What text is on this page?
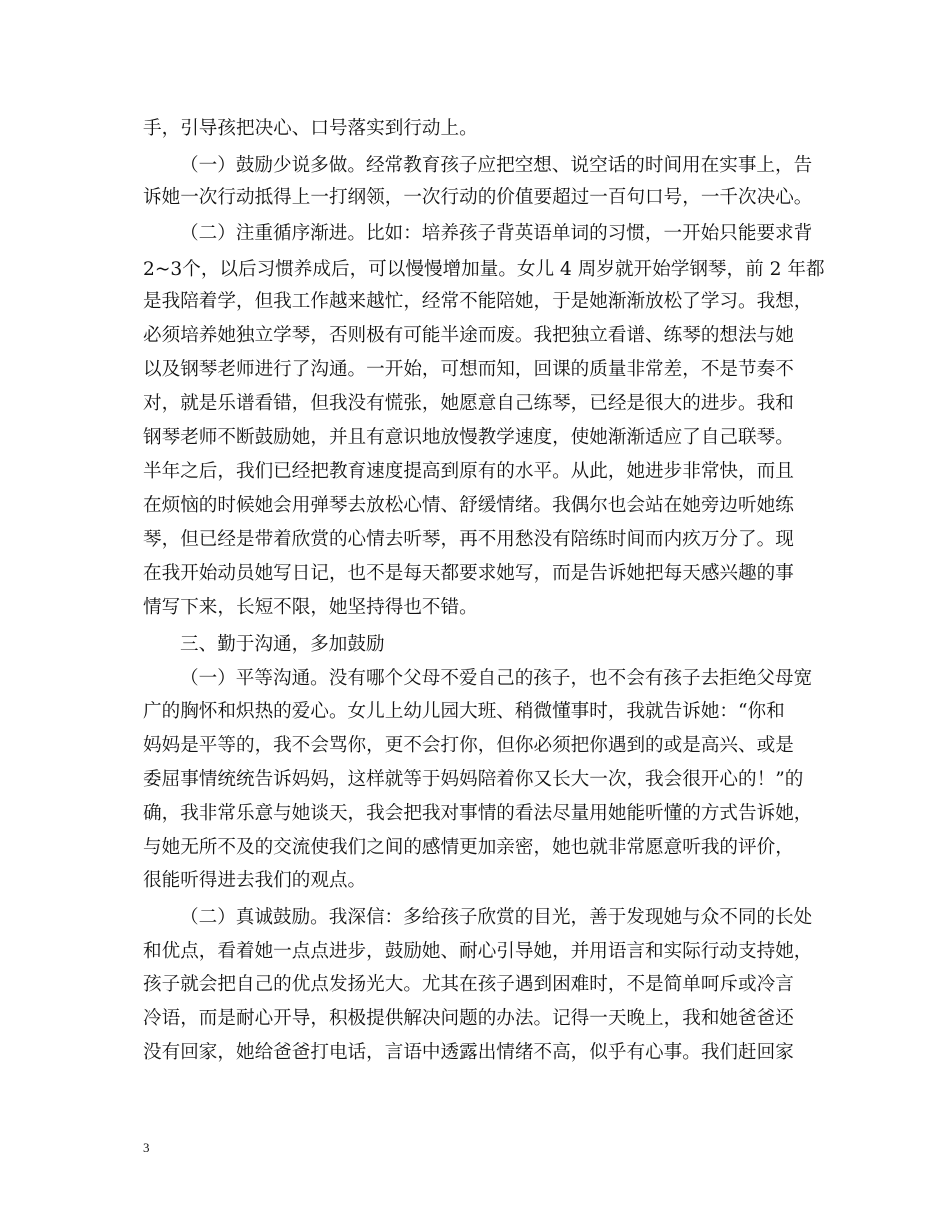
手，引导孩把决心、口号落实到行动上。
（一）鼓励少说多做。经常教育孩子应把空想、说空话的时间用在实事上，告
诉她一次行动抵得上一打纲领，一次行动的价值要超过一百句口号，一千次决心。
（二）注重循序渐进。比如：培养孩子背英语单词的习惯，一开始只能要求背
2~3个，以后习惯养成后，可以慢慢增加量。女儿 4 周岁就开始学钢琴，前 2 年都
是我陪着学，但我工作越来越忙，经常不能陪她，于是她渐渐放松了学习。我想，
必须培养她独立学琴，否则极有可能半途而废。我把独立看谱、练琴的想法与她
以及钢琴老师进行了沟通。一开始，可想而知，回课的质量非常差，不是节奏不
对，就是乐谱看错，但我没有慌张，她愿意自己练琴，已经是很大的进步。我和
钢琴老师不断鼓励她，并且有意识地放慢教学速度，使她渐渐适应了自己联琴。
半年之后，我们已经把教育速度提高到原有的水平。从此，她进步非常快，而且
在烦恼的时候她会用弹琴去放松心情、舒缓情绪。我偶尔也会站在她旁边听她练
琴，但已经是带着欣赏的心情去听琴，再不用愁没有陪练时间而内疚万分了。现
在我开始动员她写日记，也不是每天都要求她写，而是告诉她把每天感兴趣的事
情写下来，长短不限，她坚持得也不错。
三、勤于沟通，多加鼓励
（一）平等沟通。没有哪个父母不爱自己的孩子，也不会有孩子去拒绝父母宽
广的胸怀和炽热的爱心。女儿上幼儿园大班、稍微懂事时，我就告诉她：“你和
妈妈是平等的，我不会骂你，更不会打你，但你必须把你遇到的或是高兴、或是
委屈事情统统告诉妈妈，这样就等于妈妈陪着你又长大一次，我会很开心的！”的
确，我非常乐意与她谈天，我会把我对事情的看法尽量用她能听懂的方式告诉她，
与她无所不及的交流使我们之间的感情更加亲密，她也就非常愿意听我的评价，
很能听得进去我们的观点。
（二）真诚鼓励。我深信：多给孩子欣赏的目光，善于发现她与众不同的长处
和优点，看着她一点点进步，鼓励她、耐心引导她，并用语言和实际行动支持她，
孩子就会把自己的优点发扬光大。尤其在孩子遇到困难时，不是简单呵斥或冷言
冷语，而是耐心开导，积极提供解决问题的办法。记得一天晚上，我和她爸爸还
没有回家，她给爸爸打电话，言语中透露出情绪不高，似乎有心事。我们赶回家
3
